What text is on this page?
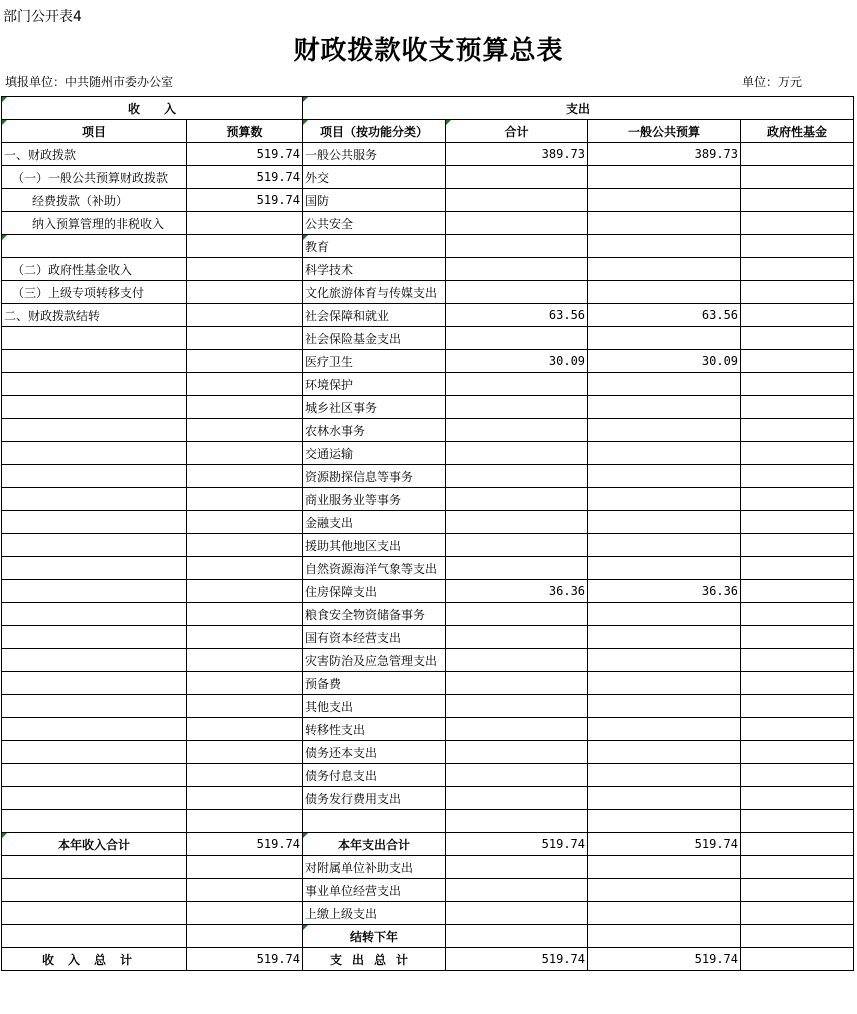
部门公开表4
财政拨款收支预算总表
填报单位：中共随州市委办公室	单位：万元
收　　入		支出			
项目	预算数	项目（按功能分类）	合计	一般公共预算	政府性基金
一、财政拨款	519.74	一般公共服务	389.73	389.73	
（一）一般公共预算财政拨款	519.74	外交			
经费拨款（补助）	519.74	国防			
纳入预算管理的非税收入		公共安全			
		教育			
（二）政府性基金收入		科学技术			
（三）上级专项转移支付		文化旅游体育与传媒支出			
二、财政拨款结转		社会保障和就业	63.56	63.56	
		社会保险基金支出			
		医疗卫生	30.09	30.09	
		环境保护			
		城乡社区事务			
		农林水事务			
		交通运输			
		资源勘探信息等事务			
		商业服务业等事务			
		金融支出			
		援助其他地区支出			
		自然资源海洋气象等支出			
		住房保障支出	36.36	36.36	
		粮食安全物资储备事务			
		国有资本经营支出			
		灾害防治及应急管理支出			
		预备费			
		其他支出			
		转移性支出			
		债务还本支出			
		债务付息支出			
		债务发行费用支出			

本年收入合计	519.74	本年支出合计	519.74	519.74	
		对附属单位补助支出			
		事业单位经营支出			
		上缴上级支出			
		结转下年			
收入总计	519.74	支出总计	519.74	519.74	
